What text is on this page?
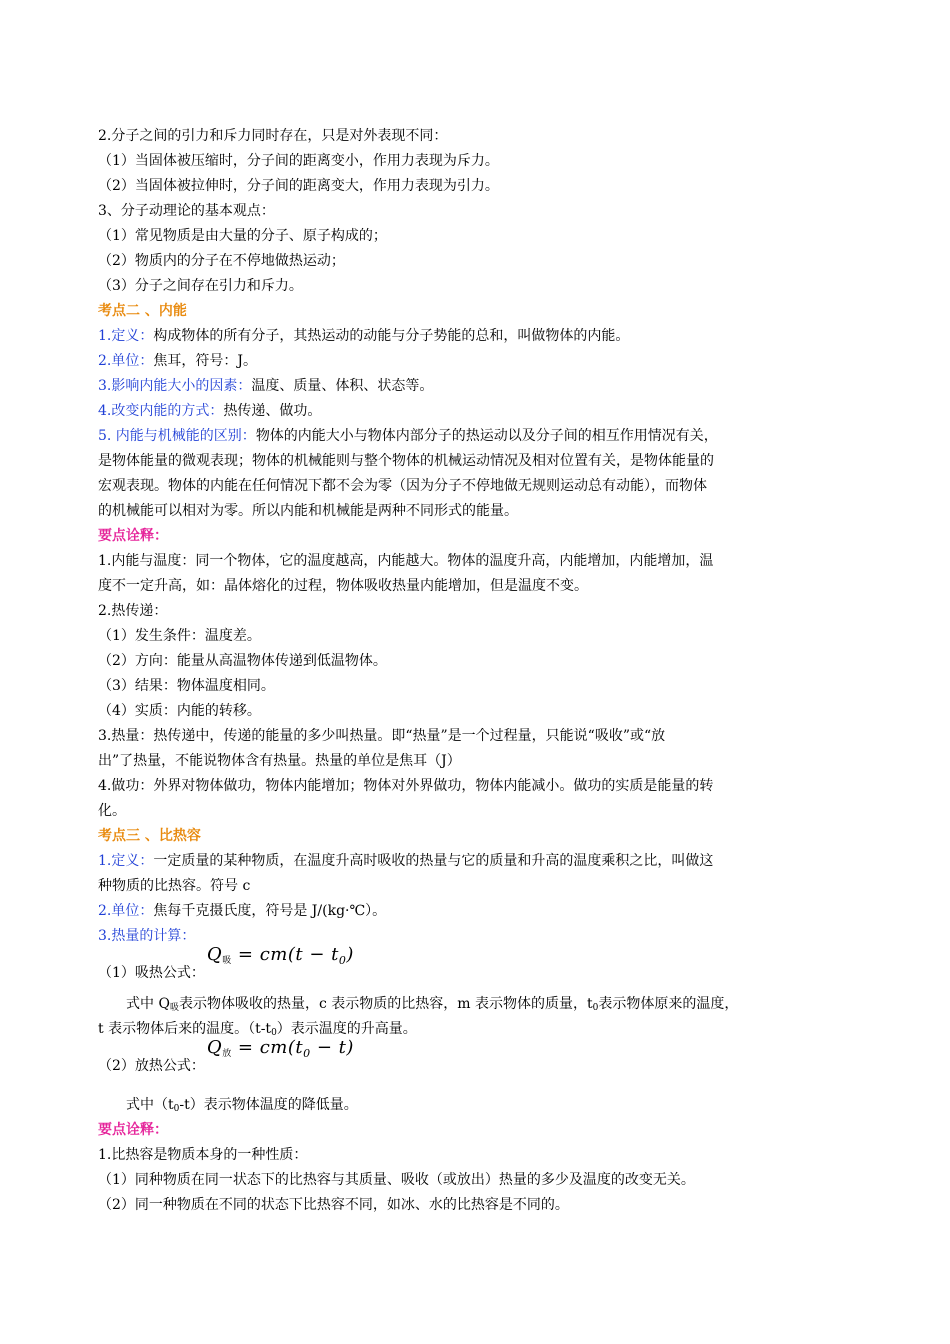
2.分子之间的引力和斥力同时存在，只是对外表现不同：
（1）当固体被压缩时，分子间的距离变小，作用力表现为斥力。
（2）当固体被拉伸时，分子间的距离变大，作用力表现为引力。
3、分子动理论的基本观点：
（1）常见物质是由大量的分子、原子构成的；
（2）物质内的分子在不停地做热运动；
（3）分子之间存在引力和斥力。
考点二 、内能
1.定义：构成物体的所有分子，其热运动的动能与分子势能的总和，叫做物体的内能。
2.单位：焦耳，符号：J。
3.影响内能大小的因素：温度、质量、体积、状态等。
4.改变内能的方式：热传递、做功。
5. 内能与机械能的区别：物体的内能大小与物体内部分子的热运动以及分子间的相互作用情况有关，
是物体能量的微观表现；物体的机械能则与整个物体的机械运动情况及相对位置有关，是物体能量的
宏观表现。物体的内能在任何情况下都不会为零（因为分子不停地做无规则运动总有动能），而物体
的机械能可以相对为零。所以内能和机械能是两种不同形式的能量。
要点诠释：
1.内能与温度：同一个物体，它的温度越高，内能越大。物体的温度升高，内能增加，内能增加，温
度不一定升高，如：晶体熔化的过程，物体吸收热量内能增加，但是温度不变。
2.热传递：
（1）发生条件：温度差。
（2）方向：能量从高温物体传递到低温物体。
（3）结果：物体温度相同。
（4）实质：内能的转移。
3.热量：热传递中，传递的能量的多少叫热量。即“热量”是一个过程量，只能说“吸收”或“放
出”了热量，不能说物体含有热量。热量的单位是焦耳（J）
4.做功：外界对物体做功，物体内能增加；物体对外界做功，物体内能减小。做功的实质是能量的转
化。
考点三 、比热容
1.定义：一定质量的某种物质，在温度升高时吸收的热量与它的质量和升高的温度乘积之比，叫做这
种物质的比热容。符号 c
2.单位：焦每千克摄氏度，符号是 J/(kg·℃）。
3.热量的计算：
（1）吸热公式：
Q吸 = $cm(t - t_0)$
式中 Q吸表示物体吸收的热量，c 表示物质的比热容，m 表示物体的质量，t0表示物体原来的温度，
t 表示物体后来的温度。（t-t0）表示温度的升高量。
（2）放热公式：
Q放 = $cm(t_0 - t)$
式中（t0-t）表示物体温度的降低量。
要点诠释：
1.比热容是物质本身的一种性质：
（1）同种物质在同一状态下的比热容与其质量、吸收（或放出）热量的多少及温度的改变无关。
（2）同一种物质在不同的状态下比热容不同，如冰、水的比热容是不同的。
